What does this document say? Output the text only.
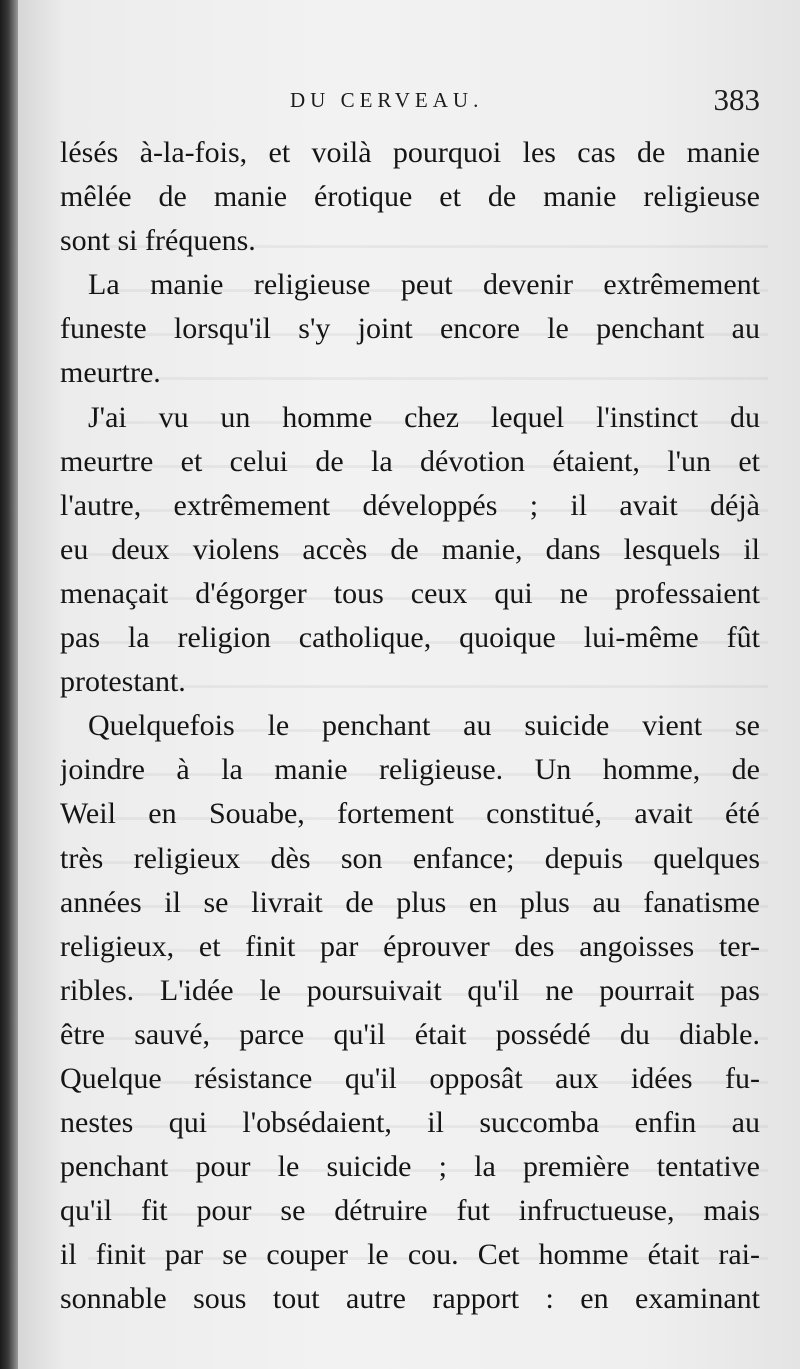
DU CERVEAU.	383
lésés à-la-fois, et voilà pourquoi les cas de manie
mêlée de manie érotique et de manie religieuse
sont si fréquens.
La manie religieuse peut devenir extrêmement
funeste lorsqu'il s'y joint encore le penchant au
meurtre.
J'ai vu un homme chez lequel l'instinct du
meurtre et celui de la dévotion étaient, l'un et
l'autre, extrêmement développés ; il avait déjà
eu deux violens accès de manie, dans lesquels il
menaçait d'égorger tous ceux qui ne professaient
pas la religion catholique, quoique lui-même fût
protestant.
Quelquefois le penchant au suicide vient se
joindre à la manie religieuse. Un homme, de
Weil en Souabe, fortement constitué, avait été
très religieux dès son enfance; depuis quelques
années il se livrait de plus en plus au fanatisme
religieux, et finit par éprouver des angoisses ter-
ribles. L'idée le poursuivait qu'il ne pourrait pas
être sauvé, parce qu'il était possédé du diable.
Quelque résistance qu'il opposât aux idées fu-
nestes qui l'obsédaient, il succomba enfin au
penchant pour le suicide ; la première tentative
qu'il fit pour se détruire fut infructueuse, mais
il finit par se couper le cou. Cet homme était rai-
sonnable sous tout autre rapport : en examinant
